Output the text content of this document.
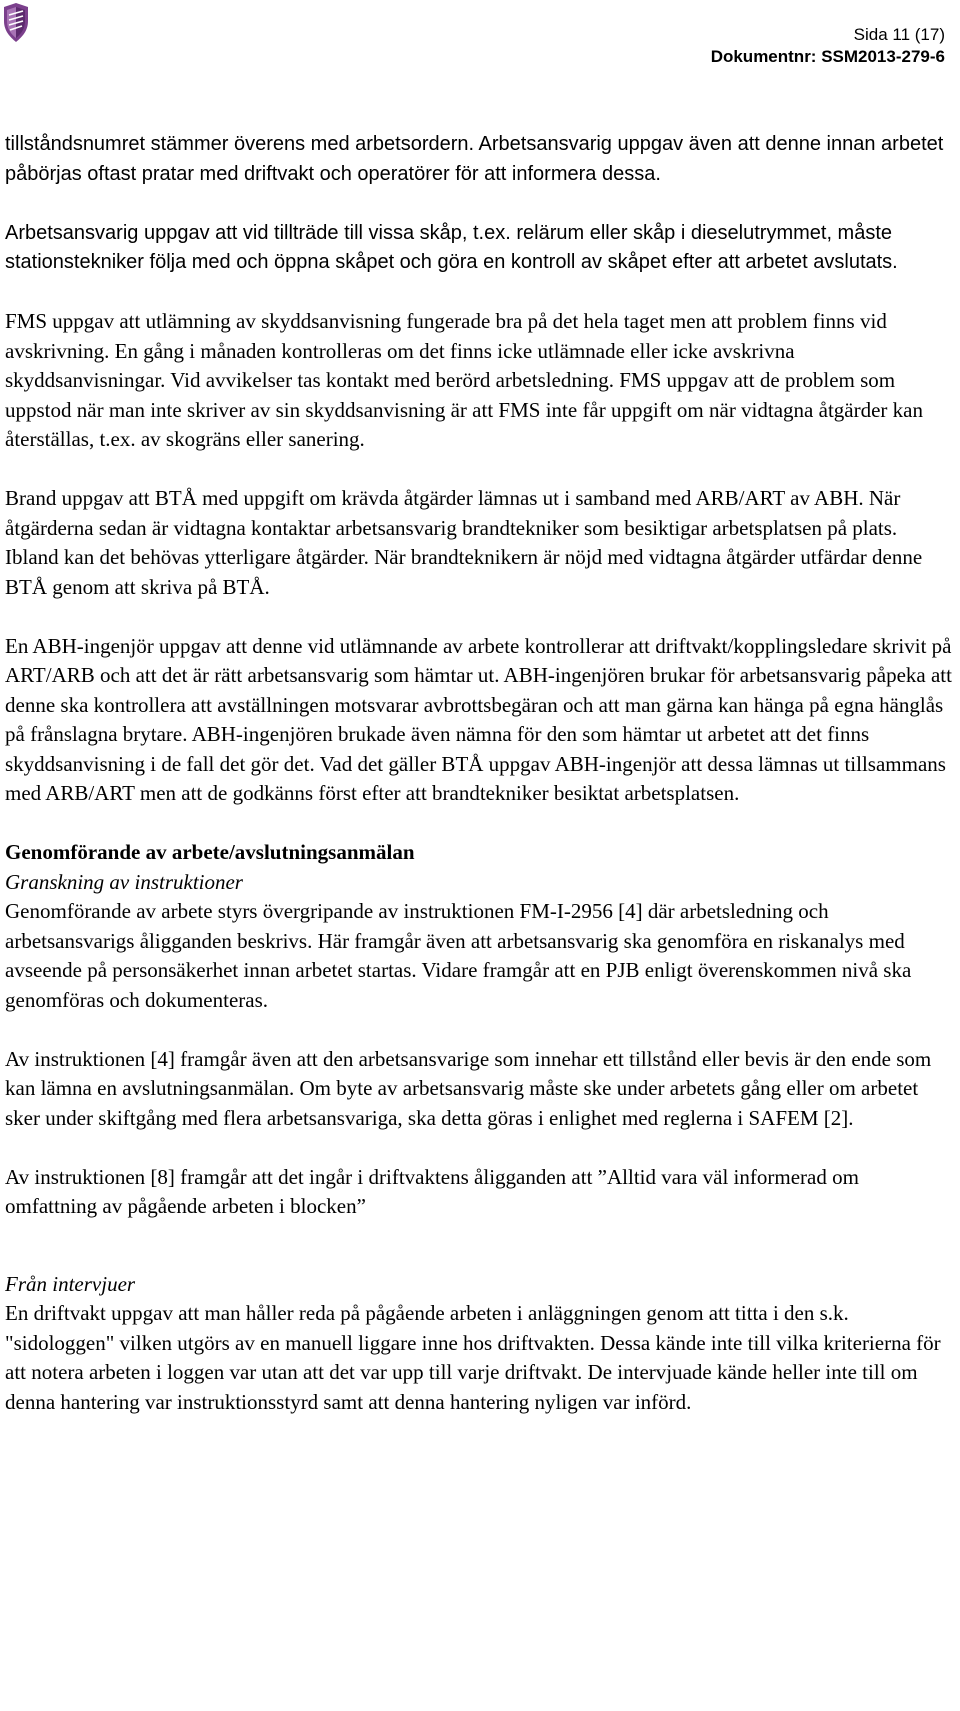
Sida 11 (17)
Dokumentnr: SSM2013-279-6

tillståndsnumret stämmer överens med arbetsordern. Arbetsansvarig uppgav även att denne innan arbetet påbörjas oftast pratar med driftvakt och operatörer för att informera dessa.

Arbetsansvarig uppgav att vid tillträde till vissa skåp, t.ex. relärum eller skåp i dieselutrymmet, måste stationstekniker följa med och öppna skåpet och göra en kontroll av skåpet efter att arbetet avslutats.

FMS uppgav att utlämning av skyddsanvisning fungerade bra på det hela taget men att problem finns vid avskrivning. En gång i månaden kontrolleras om det finns icke utlämnade eller icke avskrivna skyddsanvisningar. Vid avvikelser tas kontakt med berörd arbetsledning. FMS uppgav att de problem som uppstod när man inte skriver av sin skyddsanvisning är att FMS inte får uppgift om när vidtagna åtgärder kan återställas, t.ex. av skogräns eller sanering.

Brand uppgav att BTÅ med uppgift om krävda åtgärder lämnas ut i samband med ARB/ART av ABH. När åtgärderna sedan är vidtagna kontaktar arbetsansvarig brandtekniker som besiktigar arbetsplatsen på plats. Ibland kan det behövas ytterligare åtgärder. När brandteknikern är nöjd med vidtagna åtgärder utfärdar denne BTÅ genom att skriva på BTÅ.

En ABH-ingenjör uppgav att denne vid utlämnande av arbete kontrollerar att driftvakt/kopplingsledare skrivit på ART/ARB och att det är rätt arbetsansvarig som hämtar ut. ABH-ingenjören brukar för arbetsansvarig påpeka att denne ska kontrollera att avställningen motsvarar avbrottsbegäran och att man gärna kan hänga på egna hänglås på frånslagna brytare. ABH-ingenjören brukade även nämna för den som hämtar ut arbetet att det finns skyddsanvisning i de fall det gör det. Vad det gäller BTÅ uppgav ABH-ingenjör att dessa lämnas ut tillsammans med ARB/ART men att de godkänns först efter att brandtekniker besiktat arbetsplatsen.

Genomförande av arbete/avslutningsanmälan

Granskning av instruktioner

Genomförande av arbete styrs övergripande av instruktionen FM-I-2956 [4] där arbetsledning och arbetsansvarigs åligganden beskrivs. Här framgår även att arbetsansvarig ska genomföra en riskanalys med avseende på personsäkerhet innan arbetet startas. Vidare framgår att en PJB enligt överenskommen nivå ska genomföras och dokumenteras.

Av instruktionen [4] framgår även att den arbetsansvarige som innehar ett tillstånd eller bevis är den ende som kan lämna en avslutningsanmälan. Om byte av arbetsansvarig måste ske under arbetets gång eller om arbetet sker under skiftgång med flera arbetsansvariga, ska detta göras i enlighet med reglerna i SAFEM [2].

Av instruktionen [8] framgår att det ingår i driftvaktens åligganden att ”Alltid vara väl informerad om omfattning av pågående arbeten i blocken”

Från intervjuer

En driftvakt uppgav att man håller reda på pågående arbeten i anläggningen genom att titta i den s.k. "sidologgen" vilken utgörs av en manuell liggare inne hos driftvakten. Dessa kände inte till vilka kriterierna för att notera arbeten i loggen var utan att det var upp till varje driftvakt. De intervjuade kände heller inte till om denna hantering var instruktionsstyrd samt att denna hantering nyligen var införd.
